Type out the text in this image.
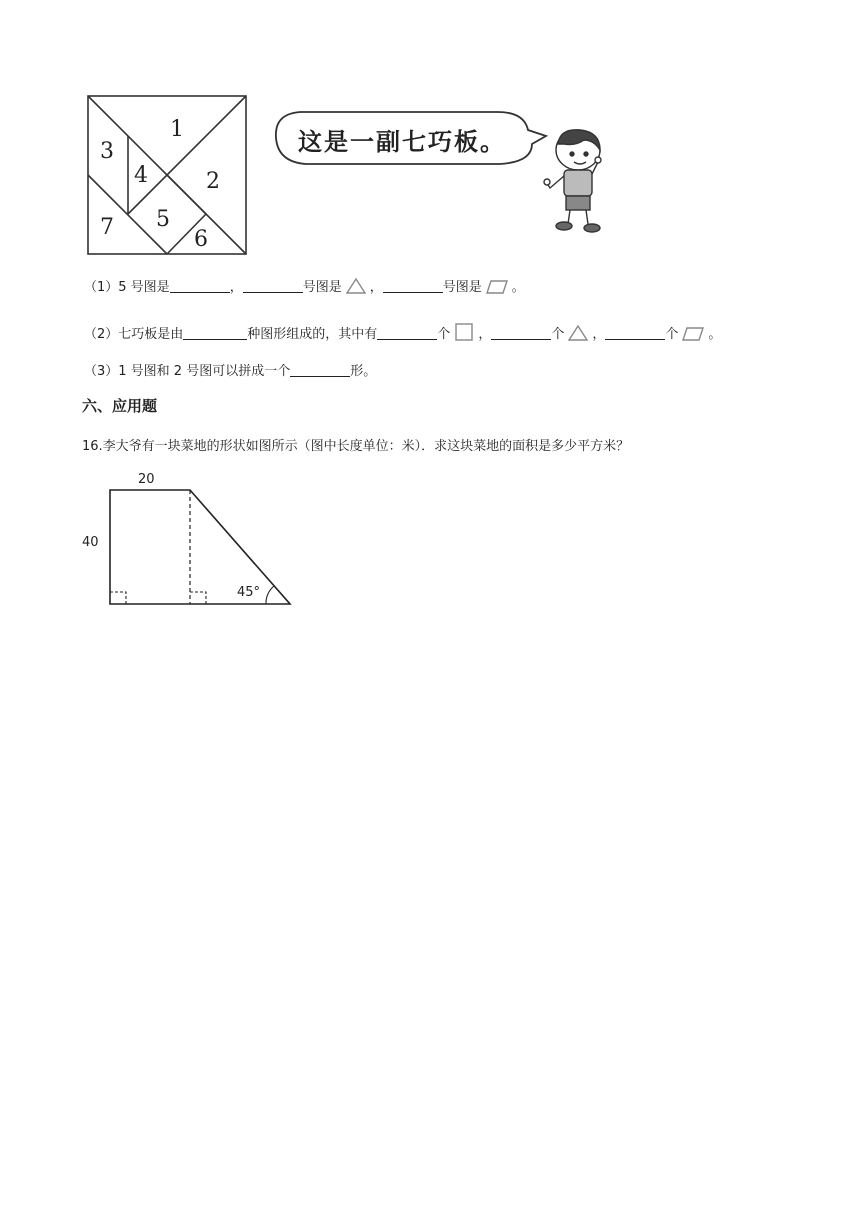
1
2
3
4
5
6
7
这是一副七巧板。
（1）5 号图是	，	号图是 ，	号图是 。
（2）七巧板是由	种图形组成的，其中有	个 ，	个 ，	个 。
（3）1 号图和 2 号图可以拼成一个	形。
六、应用题
16.李大爷有一块菜地的形状如图所示（图中长度单位：米）．求这块菜地的面积是多少平方米？
20
40
45°
